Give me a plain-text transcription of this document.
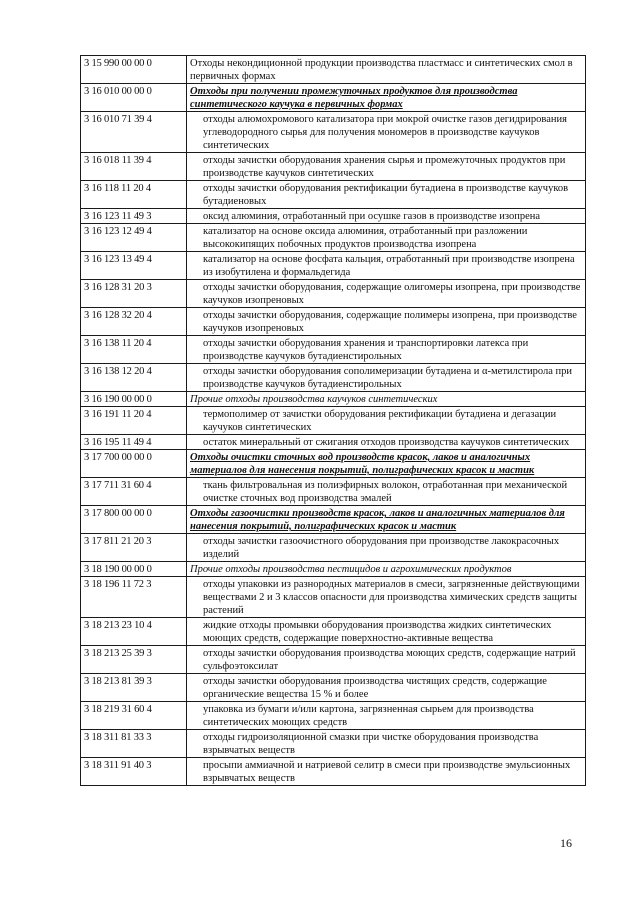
3 15 990 00 00 0	Отходы некондиционной продукции производства пластмасс и синтетических смол в первичных формах
3 16 010 00 00 0	Отходы при получении промежуточных продуктов для производства синтетического каучука в первичных формах
3 16 010 71 39 4	отходы алюмохромового катализатора при мокрой очистке газов дегидрирования углеводородного сырья для получения мономеров в производстве каучуков синтетических
3 16 018 11 39 4	отходы зачистки оборудования хранения сырья и промежуточных продуктов при производстве каучуков синтетических
3 16 118 11 20 4	отходы зачистки оборудования ректификации бутадиена в производстве каучуков бутадиеновых
3 16 123 11 49 3	оксид алюминия, отработанный при осушке газов в производстве изопрена
3 16 123 12 49 4	катализатор на основе оксида алюминия, отработанный при разложении высококипящих побочных продуктов производства изопрена
3 16 123 13 49 4	катализатор на основе фосфата кальция, отработанный при производстве изопрена из изобутилена и формальдегида
3 16 128 31 20 3	отходы зачистки оборудования, содержащие олигомеры изопрена, при производстве каучуков изопреновых
3 16 128 32 20 4	отходы зачистки оборудования, содержащие полимеры изопрена, при производстве каучуков изопреновых
3 16 138 11 20 4	отходы зачистки оборудования хранения и транспортировки латекса при производстве каучуков бутадиенстирольных
3 16 138 12 20 4	отходы зачистки оборудования сополимеризации бутадиена и α-метилстирола при производстве каучуков бутадиенстирольных
3 16 190 00 00 0	Прочие отходы производства каучуков синтетических
3 16 191 11 20 4	термополимер от зачистки оборудования ректификации бутадиена и дегазации каучуков синтетических
3 16 195 11 49 4	остаток минеральный от сжигания отходов производства каучуков синтетических
3 17 700 00 00 0	Отходы очистки сточных вод производств красок, лаков и аналогичных материалов для нанесения покрытий, полиграфических красок и мастик
3 17 711 31 60 4	ткань фильтровальная из полиэфирных волокон, отработанная при механической очистке сточных вод производства эмалей
3 17 800 00 00 0	Отходы газоочистки производств красок, лаков и аналогичных материалов для нанесения покрытий, полиграфических красок и мастик
3 17 811 21 20 3	отходы зачистки газоочистного оборудования при производстве лакокрасочных изделий
3 18 190 00 00 0	Прочие отходы производства пестицидов и агрохимических продуктов
3 18 196 11 72 3	отходы упаковки из разнородных материалов в смеси, загрязненные действующими веществами 2 и 3 классов опасности для производства химических средств защиты растений
3 18 213 23 10 4	жидкие отходы промывки оборудования производства жидких синтетических моющих средств, содержащие поверхностно-активные вещества
3 18 213 25 39 3	отходы зачистки оборудования производства моющих средств, содержащие натрий сульфоэтоксилат
3 18 213 81 39 3	отходы зачистки оборудования производства чистящих средств, содержащие органические вещества 15 % и более
3 18 219 31 60 4	упаковка из бумаги и/или картона, загрязненная сырьем для производства синтетических моющих средств
3 18 311 81 33 3	отходы гидроизоляционной смазки при чистке оборудования производства взрывчатых веществ
3 18 311 91 40 3	просыпи аммиачной и натриевой селитр в смеси при производстве эмульсионных взрывчатых веществ
16
